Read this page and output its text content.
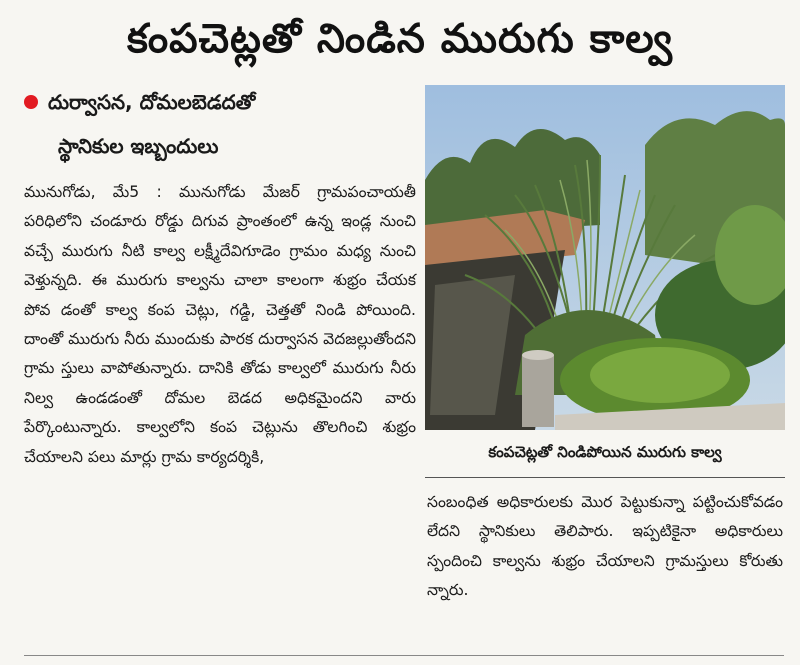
కంపచెట్లతో నిండిన మురుగు కాల్వ
దుర్వాసన, దోమలబెడదతో
స్థానికుల ఇబ్బందులు

మునుగోడు, మే5 : మునుగోడు మేజర్ గ్రామపంచాయతీ పరిధిలోని చండూరు రోడ్డు దిగువ ప్రాంతంలో ఉన్న ఇండ్ల నుంచి వచ్చే మురుగు నీటి కాల్వ లక్ష్మీదేవిగూడెం గ్రామం మధ్య నుంచి వెళ్తున్నది. ఈ మురుగు కాల్వను చాలా కాలంగా శుభ్రం చేయక పోవ డంతో కాల్వ కంప చెట్లు, గడ్డి, చెత్తతో నిండి పోయింది. దాంతో మురుగు నీరు ముందుకు పారక దుర్వాసన వెదజల్లుతోందని గ్రామ స్తులు వాపోతున్నారు. దానికి తోడు కాల్వలో మురుగు నీరు నిల్వ ఉండడంతో దోమల బెడద అధికమైందని వారు పేర్కొంటున్నారు. కాల్వలోని కంప చెట్లును తొలగించి శుభ్రం చేయాలని పలు మార్లు గ్రామ కార్యదర్శికి,	కంపచెట్లతో నిండిపోయిన మురుగు కాల్వ

సంబంధిత అధికారులకు మొర పెట్టుకున్నా పట్టించుకోవడం లేదని స్థానికులు తెలిపారు. ఇప్పటికైనా అధికారులు స్పందించి కాల్వను శుభ్రం చేయాలని గ్రామస్తులు కోరుతు న్నారు.
